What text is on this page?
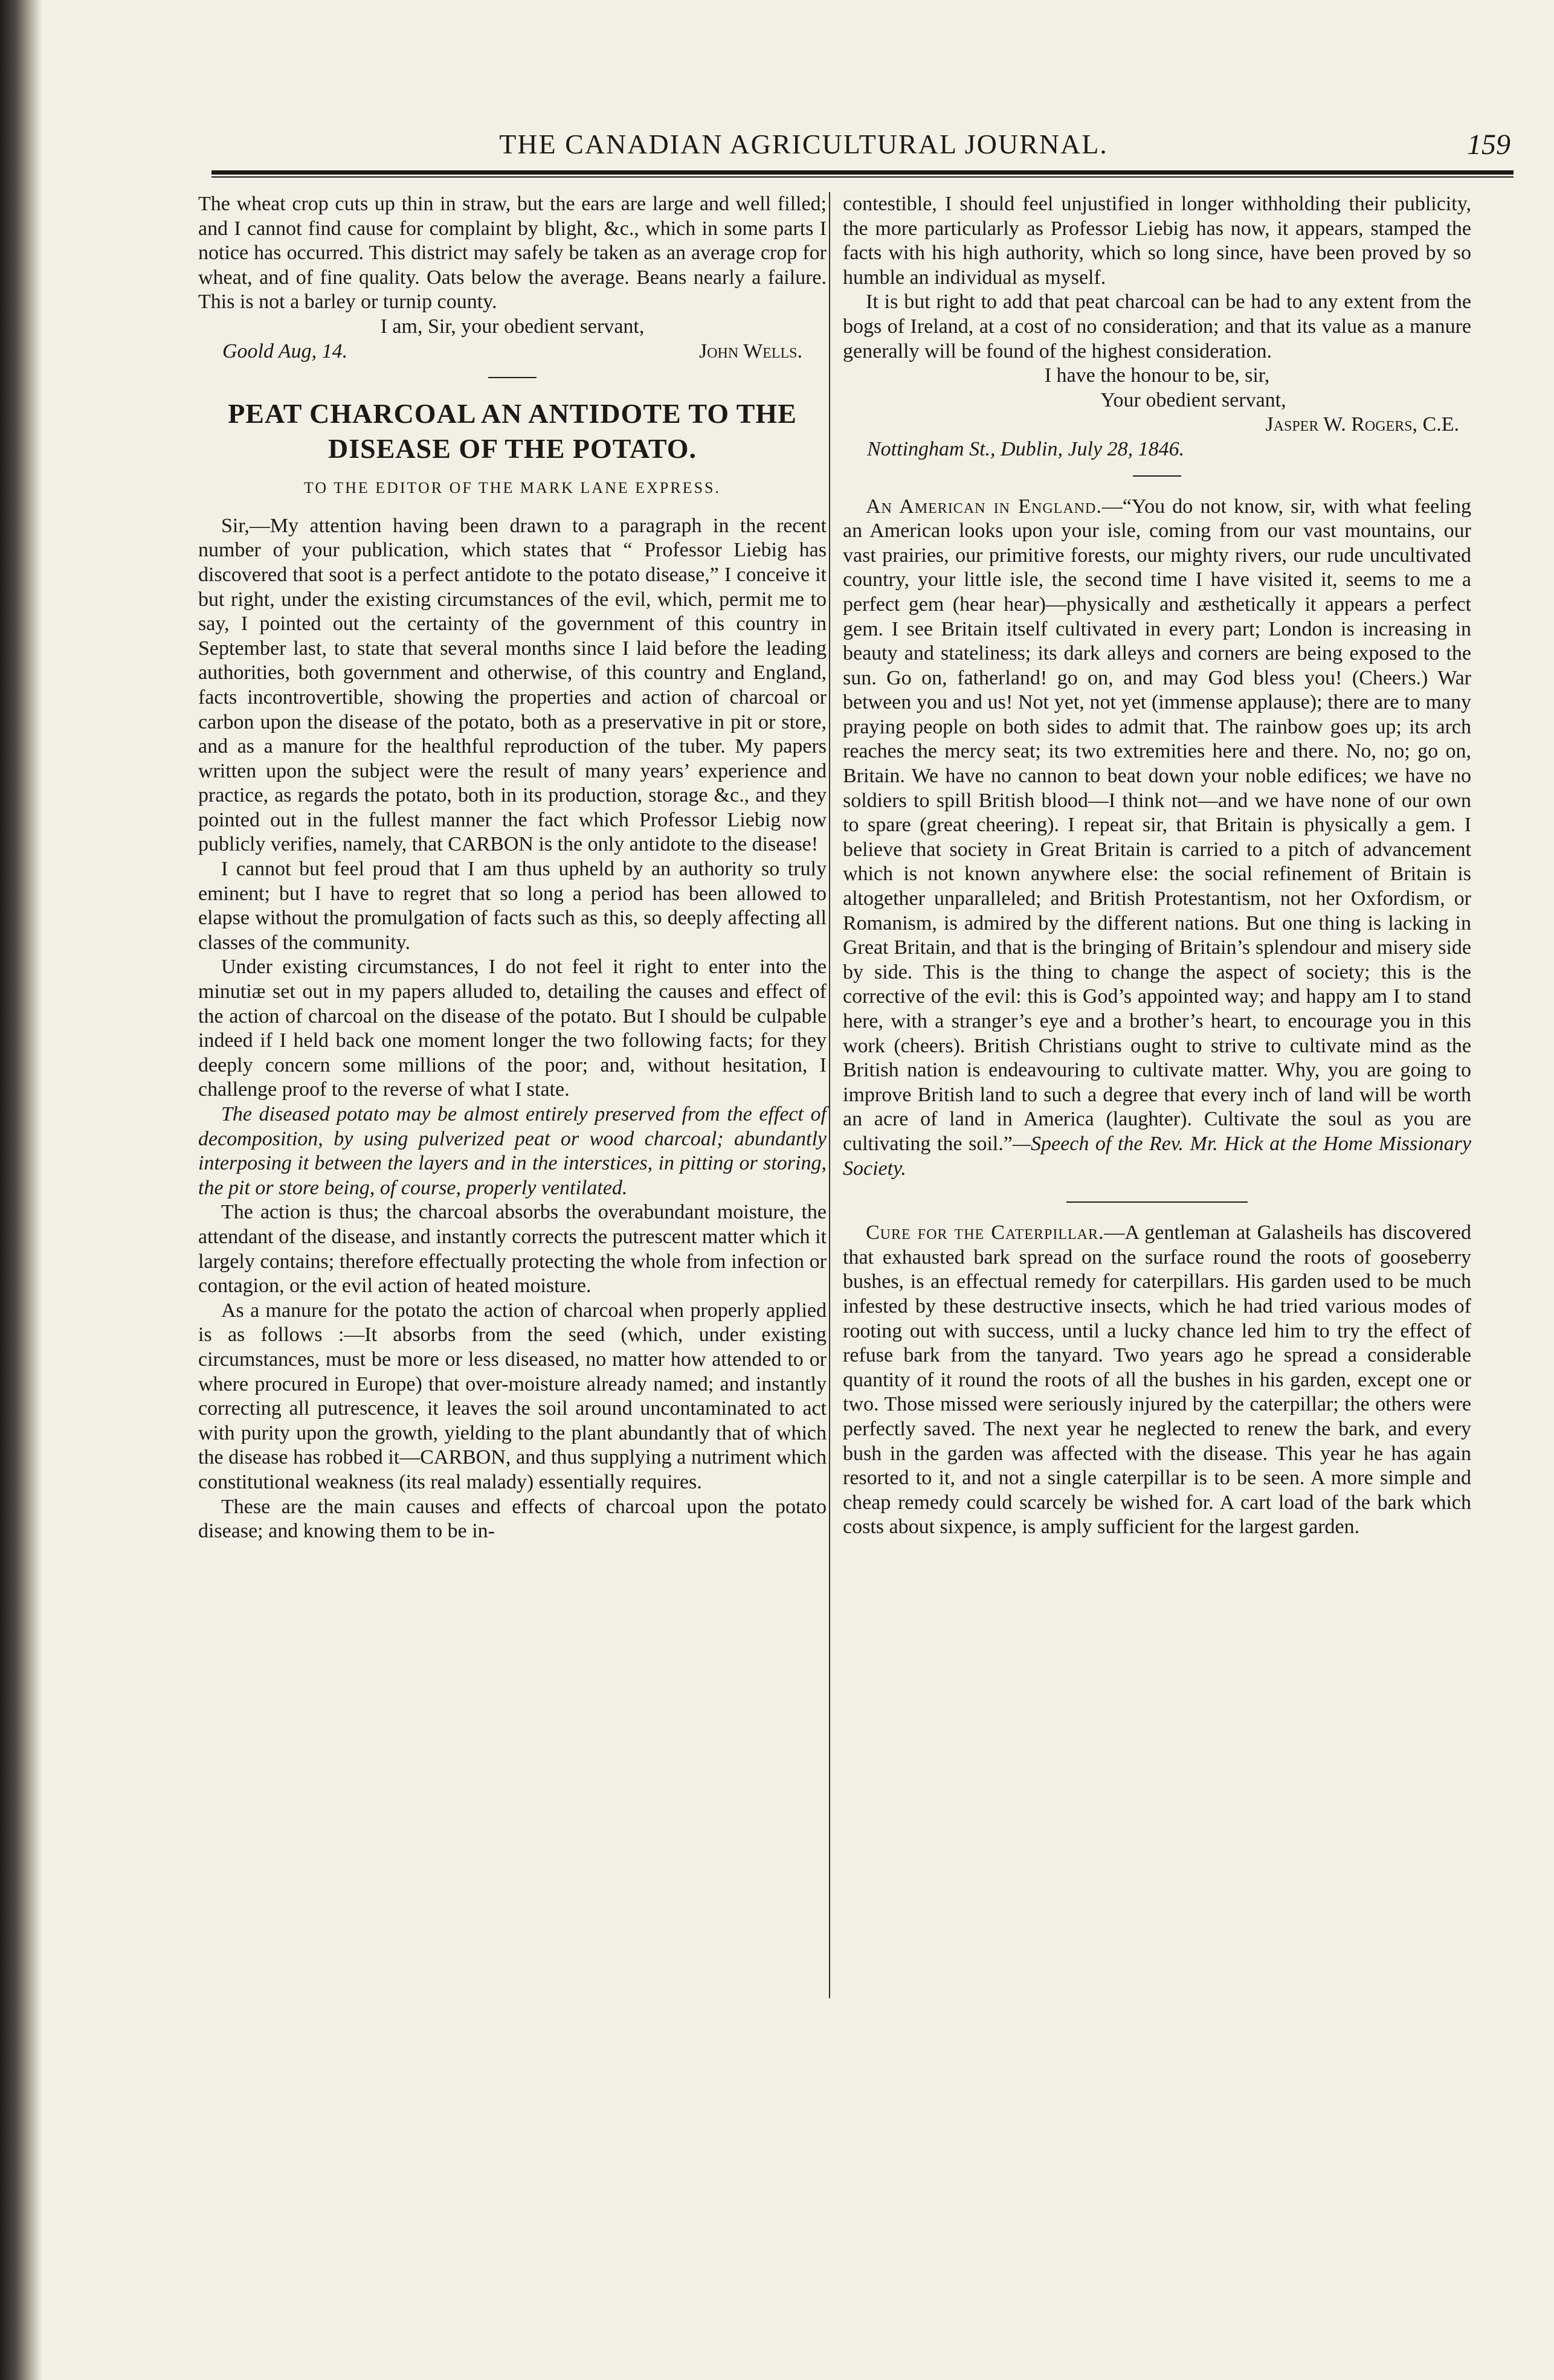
THE CANADIAN AGRICULTURAL JOURNAL.	159

The wheat crop cuts up thin in straw, but the ears are large and well filled; and I cannot find cause for complaint by blight, &c., which in some parts I notice has occurred. This district may safely be taken as an average crop for wheat, and of fine quality. Oats below the average. Beans nearly a failure. This is not a barley or turnip county.

I am, Sir, your obedient servant,

Goold Aug, 14.	John Wells.
PEAT CHARCOAL AN ANTIDOTE TO THE DISEASE OF THE POTATO.
TO THE EDITOR OF THE MARK LANE EXPRESS.

Sir,—My attention having been drawn to a paragraph in the recent number of your publication, which states that “ Professor Liebig has discovered that soot is a perfect antidote to the potato disease,” I conceive it but right, under the existing circumstances of the evil, which, permit me to say, I pointed out the certainty of the government of this country in September last, to state that several months since I laid before the leading authorities, both government and otherwise, of this country and England, facts incontrovertible, showing the properties and action of charcoal or carbon upon the disease of the potato, both as a preservative in pit or store, and as a manure for the healthful reproduction of the tuber. My papers written upon the subject were the result of many years’ experience and practice, as regards the potato, both in its production, storage &c., and they pointed out in the fullest manner the fact which Professor Liebig now publicly verifies, namely, that CARBON is the only antidote to the disease!

I cannot but feel proud that I am thus upheld by an authority so truly eminent; but I have to regret that so long a period has been allowed to elapse without the promulgation of facts such as this, so deeply affecting all classes of the community.

Under existing circumstances, I do not feel it right to enter into the minutiæ set out in my papers alluded to, detailing the causes and effect of the action of charcoal on the disease of the potato. But I should be culpable indeed if I held back one moment longer the two following facts; for they deeply concern some millions of the poor; and, without hesitation, I challenge proof to the reverse of what I state.

The diseased potato may be almost entirely preserved from the effect of decomposition, by using pulverized peat or wood charcoal; abundantly interposing it between the layers and in the interstices, in pitting or storing, the pit or store being, of course, properly ventilated.

The action is thus; the charcoal absorbs the overabundant moisture, the attendant of the disease, and instantly corrects the putrescent matter which it largely contains; therefore effectually protecting the whole from infection or contagion, or the evil action of heated moisture.

As a manure for the potato the action of charcoal when properly applied is as follows :—It absorbs from the seed (which, under existing circumstances, must be more or less diseased, no matter how attended to or where procured in Europe) that over-moisture already named; and instantly correcting all putrescence, it leaves the soil around uncontaminated to act with purity upon the growth, yielding to the plant abundantly that of which the disease has robbed it—CARBON, and thus supplying a nutriment which constitutional weakness (its real malady) essentially requires.

These are the main causes and effects of charcoal upon the potato disease; and knowing them to be in-

contestible, I should feel unjustified in longer withholding their publicity, the more particularly as Professor Liebig has now, it appears, stamped the facts with his high authority, which so long since, have been proved by so humble an individual as myself.

It is but right to add that peat charcoal can be had to any extent from the bogs of Ireland, at a cost of no consideration; and that its value as a manure generally will be found of the highest consideration.

I have the honour to be, sir,

Your obedient servant,

Jasper W. Rogers, C.E.

Nottingham St., Dublin, July 28, 1846.

An American in England.—“You do not know, sir, with what feeling an American looks upon your isle, coming from our vast mountains, our vast prairies, our primitive forests, our mighty rivers, our rude uncultivated country, your little isle, the second time I have visited it, seems to me a perfect gem (hear hear)—physically and æsthetically it appears a perfect gem. I see Britain itself cultivated in every part; London is increasing in beauty and stateliness; its dark alleys and corners are being exposed to the sun. Go on, fatherland! go on, and may God bless you! (Cheers.) War between you and us! Not yet, not yet (immense applause); there are to many praying people on both sides to admit that. The rainbow goes up; its arch reaches the mercy seat; its two extremities here and there. No, no; go on, Britain. We have no cannon to beat down your noble edifices; we have no soldiers to spill British blood—I think not—and we have none of our own to spare (great cheering). I repeat sir, that Britain is physically a gem. I believe that society in Great Britain is carried to a pitch of advancement which is not known anywhere else: the social refinement of Britain is altogether unparalleled; and British Protestantism, not her Oxfordism, or Romanism, is admired by the different nations. But one thing is lacking in Great Britain, and that is the bringing of Britain’s splendour and misery side by side. This is the thing to change the aspect of society; this is the corrective of the evil: this is God’s appointed way; and happy am I to stand here, with a stranger’s eye and a brother’s heart, to encourage you in this work (cheers). British Christians ought to strive to cultivate mind as the British nation is endeavouring to cultivate matter. Why, you are going to improve British land to such a degree that every inch of land will be worth an acre of land in America (laughter). Cultivate the soul as you are cultivating the soil.”—Speech of the Rev. Mr. Hick at the Home Missionary Society.

Cure for the Caterpillar.—A gentleman at Galasheils has discovered that exhausted bark spread on the surface round the roots of gooseberry bushes, is an effectual remedy for caterpillars. His garden used to be much infested by these destructive insects, which he had tried various modes of rooting out with success, until a lucky chance led him to try the effect of refuse bark from the tanyard. Two years ago he spread a considerable quantity of it round the roots of all the bushes in his garden, except one or two. Those missed were seriously injured by the caterpillar; the others were perfectly saved. The next year he neglected to renew the bark, and every bush in the garden was affected with the disease. This year he has again resorted to it, and not a single caterpillar is to be seen. A more simple and cheap remedy could scarcely be wished for. A cart load of the bark which costs about sixpence, is amply sufficient for the largest garden.
